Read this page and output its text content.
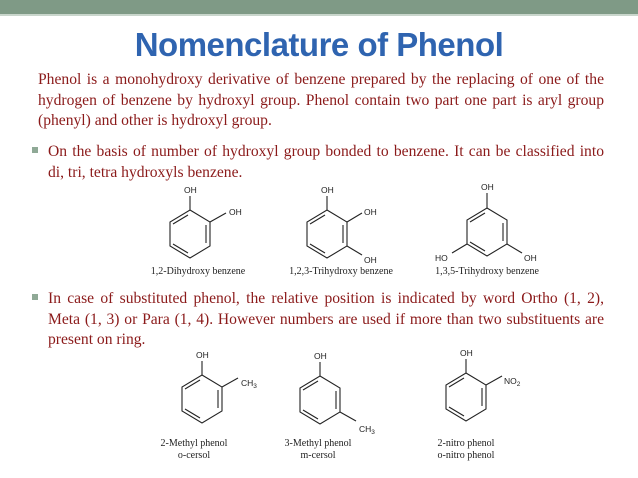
Nomenclature of Phenol

Phenol is a monohydroxy derivative of benzene prepared by the replacing of one of the hydrogen of benzene by hydroxyl group. Phenol contain two part one part is aryl group (phenyl) and other is hydroxyl group.

On the basis of number of hydroxyl group bonded to benzene. It can be classified into di, tri, tetra hydroxyls benzene.
In case of substituted phenol, the relative position is indicated by word Ortho (1, 2), Meta (1, 3) or Para (1, 4). However numbers are used if more than two substituents are present on ring.
OH
OH
1,2-Dihydroxy benzene
OH
OH
OH
1,2,3-Trihydroxy benzene
OH
HO	OH
1,3,5-Trihydroxy benzene
OH
$CH_3$
2-Methyl phenol
o-cersol
OH
$CH_3$
3-Methyl phenol
m-cersol
OH
$NO_2$
2-nitro phenol
o-nitro phenol
